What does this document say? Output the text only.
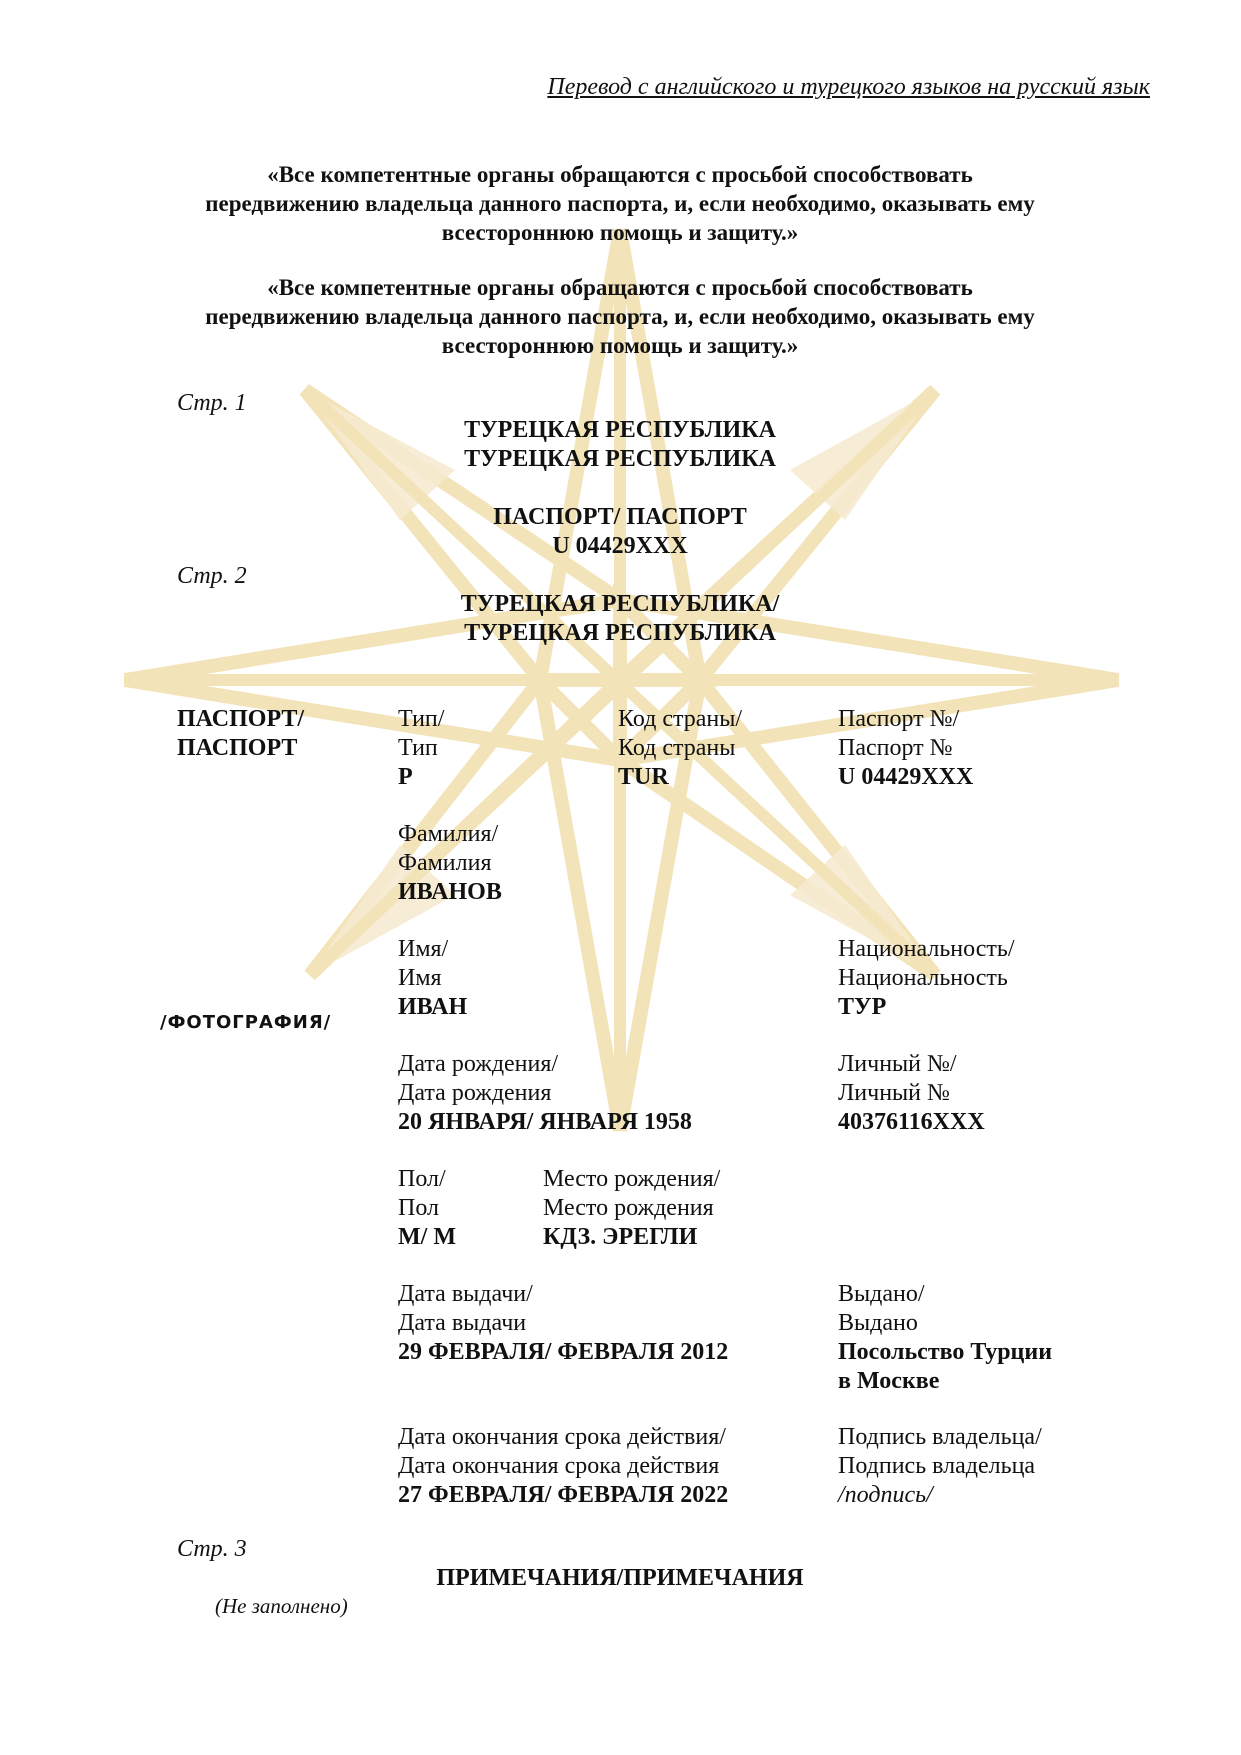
Перевод с английского и турецкого языков на русский язык
«Все компетентные органы обращаются с просьбой способствовать
передвижению владельца данного паспорта, и, если необходимо, оказывать ему
всестороннюю помощь и защиту.»
«Все компетентные органы обращаются с просьбой способствовать
передвижению владельца данного паспорта, и, если необходимо, оказывать ему
всестороннюю помощь и защиту.»
Стр. 1
ТУРЕЦКАЯ РЕСПУБЛИКА
ТУРЕЦКАЯ РЕСПУБЛИКА
ПАСПОРТ/ ПАСПОРТ
U 04429XXX
Стр. 2
ТУРЕЦКАЯ РЕСПУБЛИКА/
ТУРЕЦКАЯ РЕСПУБЛИКА
ПАСПОРТ/
ПАСПОРТ
/ФОТОГРАФИЯ/
Тип/
Тип
P
Код страны/
Код страны
TUR
Паспорт №/
Паспорт №
U 04429XXX
Фамилия/
Фамилия
ИВАНОВ
Имя/
Имя
ИВАН
Национальность/
Национальность
ТУР
Дата рождения/
Дата рождения
20 ЯНВАРЯ/ ЯНВАРЯ 1958
Личный №/
Личный №
40376116XXX
Пол/
Пол
М/ М
Место рождения/
Место рождения
КДЗ. ЭРЕГЛИ
Дата выдачи/
Дата выдачи
29 ФЕВРАЛЯ/ ФЕВРАЛЯ 2012
Выдано/
Выдано
Посольство Турции
в Москве
Дата окончания срока действия/
Дата окончания срока действия
27 ФЕВРАЛЯ/ ФЕВРАЛЯ 2022
Подпись владельца/
Подпись владельца
/подпись/
Стр. 3
ПРИМЕЧАНИЯ/ПРИМЕЧАНИЯ
(Не заполнено)
